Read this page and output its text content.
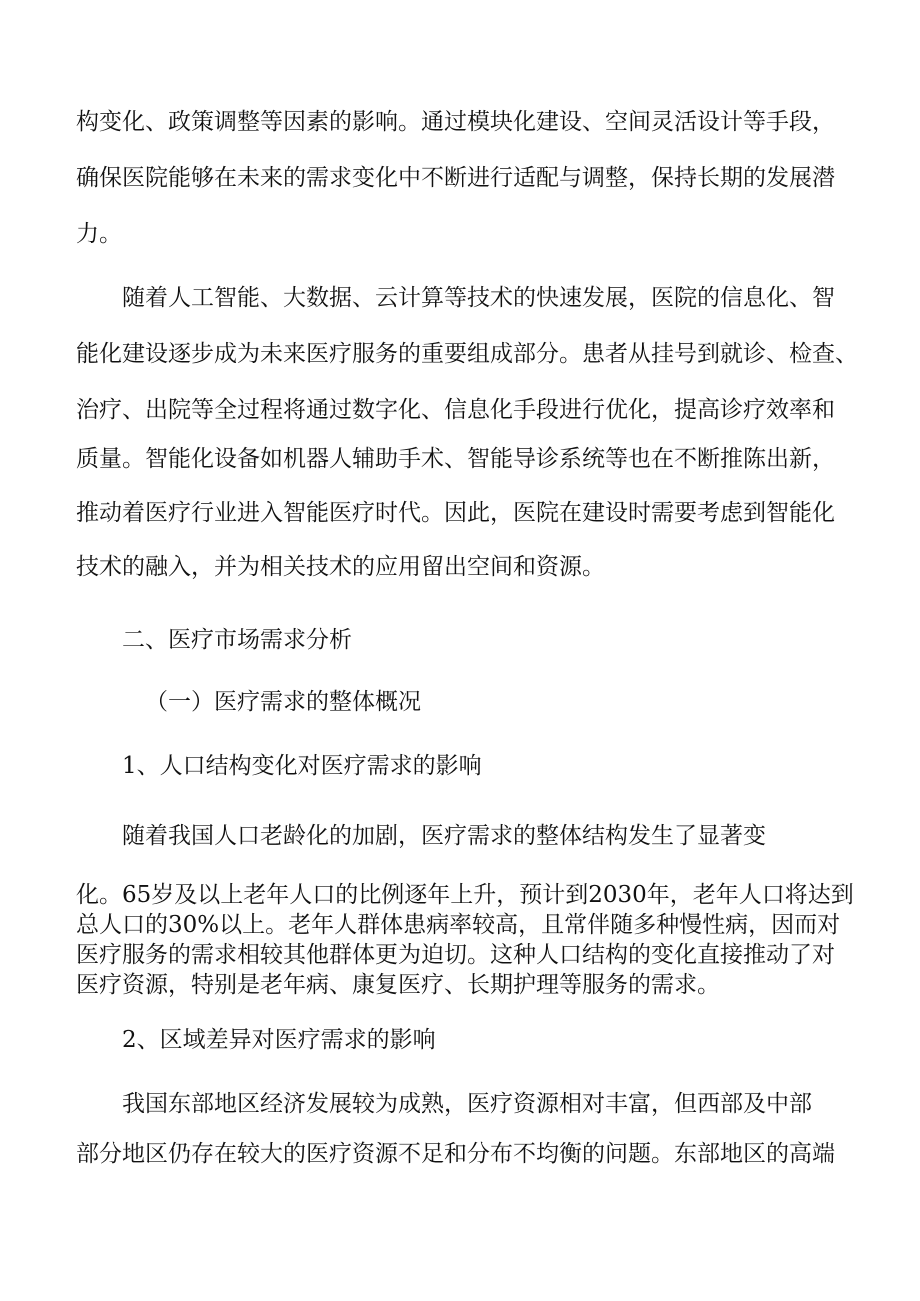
构变化、政策调整等因素的影响。通过模块化建设、空间灵活设计等手段，
确保医院能够在未来的需求变化中不断进行适配与调整，保持长期的发展潜
力。
随着人工智能、大数据、云计算等技术的快速发展，医院的信息化、智
能化建设逐步成为未来医疗服务的重要组成部分。患者从挂号到就诊、检查、
治疗、出院等全过程将通过数字化、信息化手段进行优化，提高诊疗效率和
质量。智能化设备如机器人辅助手术、智能导诊系统等也在不断推陈出新，
推动着医疗行业进入智能医疗时代。因此，医院在建设时需要考虑到智能化
技术的融入，并为相关技术的应用留出空间和资源。
二、医疗市场需求分析
（一）医疗需求的整体概况
1、人口结构变化对医疗需求的影响
随着我国人口老龄化的加剧，医疗需求的整体结构发生了显著变
化。65岁及以上老年人口的比例逐年上升，预计到2030年，老年人口将达到
总人口的30%以上。老年人群体患病率较高，且常伴随多种慢性病，因而对
医疗服务的需求相较其他群体更为迫切。这种人口结构的变化直接推动了对
医疗资源，特别是老年病、康复医疗、长期护理等服务的需求。
2、区域差异对医疗需求的影响
我国东部地区经济发展较为成熟，医疗资源相对丰富，但西部及中部
部分地区仍存在较大的医疗资源不足和分布不均衡的问题。东部地区的高端
